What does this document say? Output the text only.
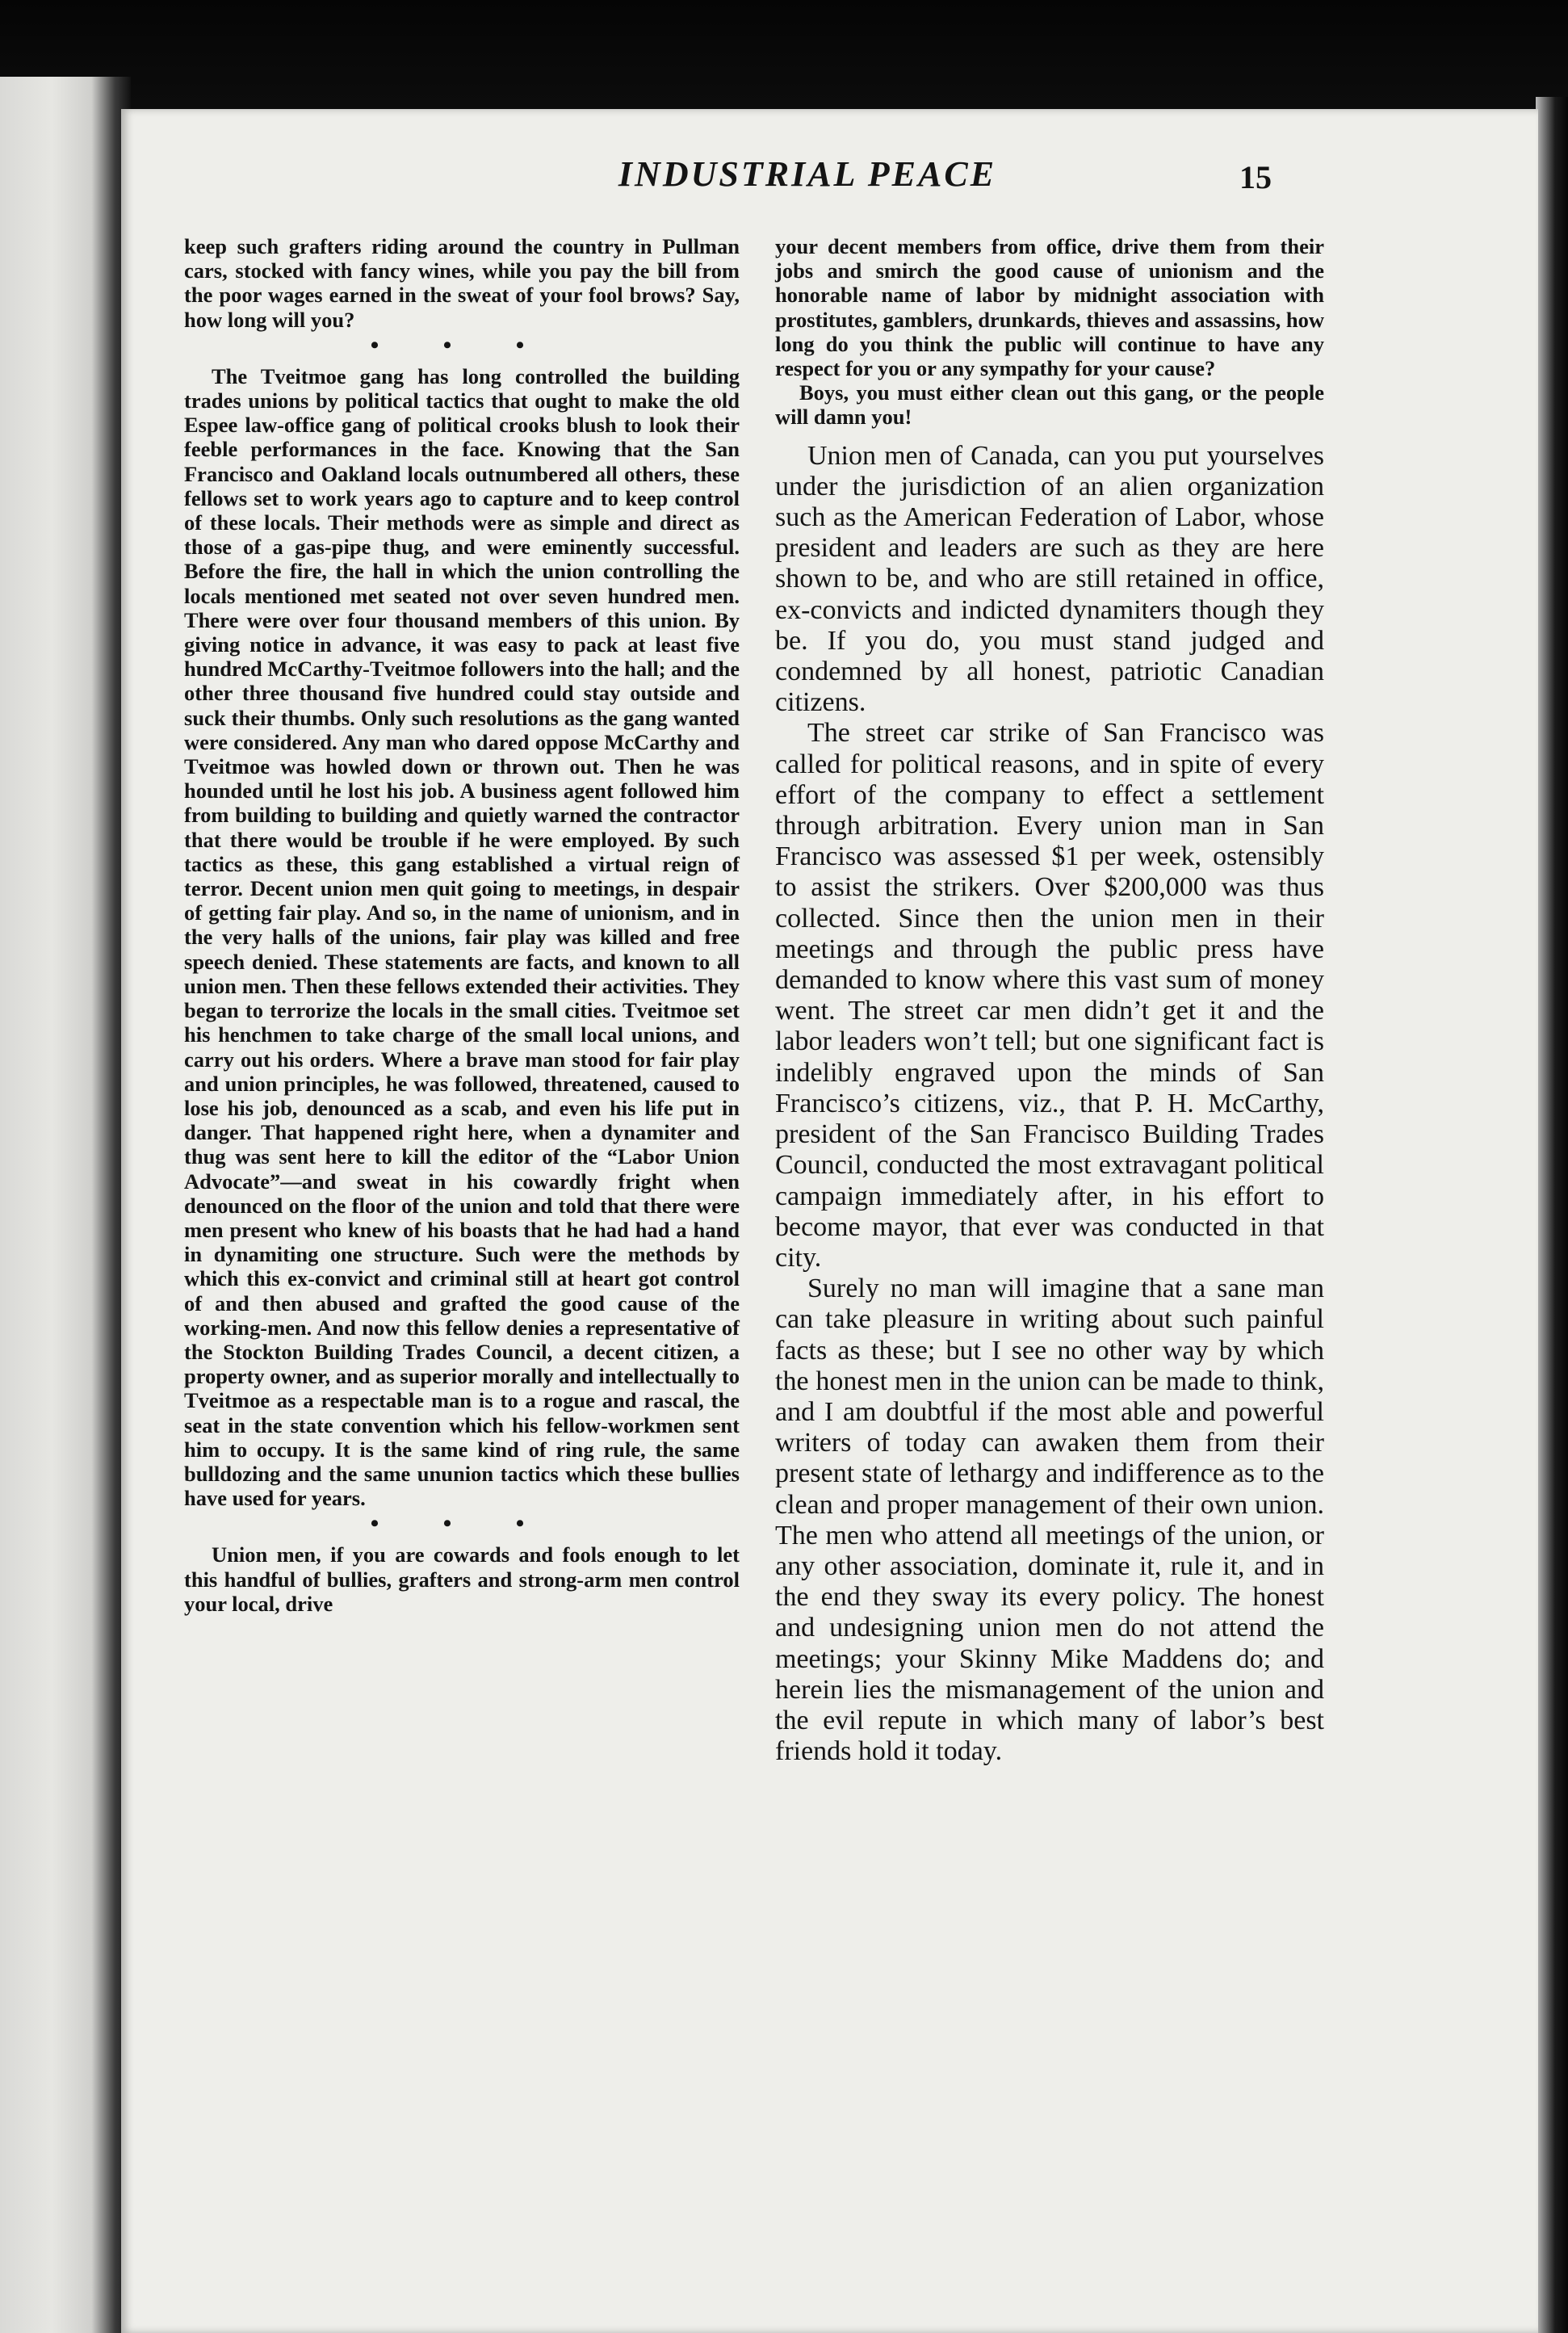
INDUSTRIAL PEACE	15

keep such grafters riding around the country in Pullman cars, stocked with fancy wines, while you pay the bill from the poor wages earned in the sweat of your fool brows? Say, how long will you?

• • •

The Tveitmoe gang has long controlled the building trades unions by political tactics that ought to make the old Espee law-office gang of political crooks blush to look their feeble performances in the face. Knowing that the San Francisco and Oakland locals outnumbered all others, these fellows set to work years ago to capture and to keep control of these locals. Their methods were as simple and direct as those of a gas-pipe thug, and were eminently successful. Before the fire, the hall in which the union controlling the locals mentioned met seated not over seven hundred men. There were over four thousand members of this union. By giving notice in advance, it was easy to pack at least five hundred McCarthy-Tveitmoe followers into the hall; and the other three thousand five hundred could stay outside and suck their thumbs. Only such resolutions as the gang wanted were considered. Any man who dared oppose McCarthy and Tveitmoe was howled down or thrown out. Then he was hounded until he lost his job. A business agent followed him from building to building and quietly warned the contractor that there would be trouble if he were employed. By such tactics as these, this gang established a virtual reign of terror. Decent union men quit going to meetings, in despair of getting fair play. And so, in the name of unionism, and in the very halls of the unions, fair play was killed and free speech denied. These statements are facts, and known to all union men. Then these fellows extended their activities. They began to terrorize the locals in the small cities. Tveitmoe set his henchmen to take charge of the small local unions, and carry out his orders. Where a brave man stood for fair play and union principles, he was followed, threatened, caused to lose his job, denounced as a scab, and even his life put in danger. That happened right here, when a dynamiter and thug was sent here to kill the editor of the “Labor Union Advocate”—and sweat in his cowardly fright when denounced on the floor of the union and told that there were men present who knew of his boasts that he had had a hand in dynamiting one structure. Such were the methods by which this ex-convict and criminal still at heart got control of and then abused and grafted the good cause of the working-men. And now this fellow denies a representative of the Stockton Building Trades Council, a decent citizen, a property owner, and as superior morally and intellectually to Tveitmoe as a respectable man is to a rogue and rascal, the seat in the state convention which his fellow-workmen sent him to occupy. It is the same kind of ring rule, the same bulldozing and the same ununion tactics which these bullies have used for years.

• • •

Union men, if you are cowards and fools enough to let this handful of bullies, grafters and strong-arm men control your local, drive

your decent members from office, drive them from their jobs and smirch the good cause of unionism and the honorable name of labor by midnight association with prostitutes, gamblers, drunkards, thieves and assassins, how long do you think the public will continue to have any respect for you or any sympathy for your cause?

Boys, you must either clean out this gang, or the people will damn you!

Union men of Canada, can you put yourselves under the jurisdiction of an alien organization such as the American Federation of Labor, whose president and leaders are such as they are here shown to be, and who are still retained in office, ex-convicts and indicted dynamiters though they be. If you do, you must stand judged and condemned by all honest, patriotic Canadian citizens.

The street car strike of San Francisco was called for political reasons, and in spite of every effort of the company to effect a settlement through arbitration. Every union man in San Francisco was assessed $1 per week, ostensibly to assist the strikers. Over $200,000 was thus collected. Since then the union men in their meetings and through the public press have demanded to know where this vast sum of money went. The street car men didn’t get it and the labor leaders won’t tell; but one significant fact is indelibly engraved upon the minds of San Francisco’s citizens, viz., that P. H. McCarthy, president of the San Francisco Building Trades Council, conducted the most extravagant political campaign immediately after, in his effort to become mayor, that ever was conducted in that city.

Surely no man will imagine that a sane man can take pleasure in writing about such painful facts as these; but I see no other way by which the honest men in the union can be made to think, and I am doubtful if the most able and powerful writers of today can awaken them from their present state of lethargy and indifference as to the clean and proper management of their own union. The men who attend all meetings of the union, or any other association, dominate it, rule it, and in the end they sway its every policy. The honest and undesigning union men do not attend the meetings; your Skinny Mike Maddens do; and herein lies the mismanagement of the union and the evil repute in which many of labor’s best friends hold it today.
